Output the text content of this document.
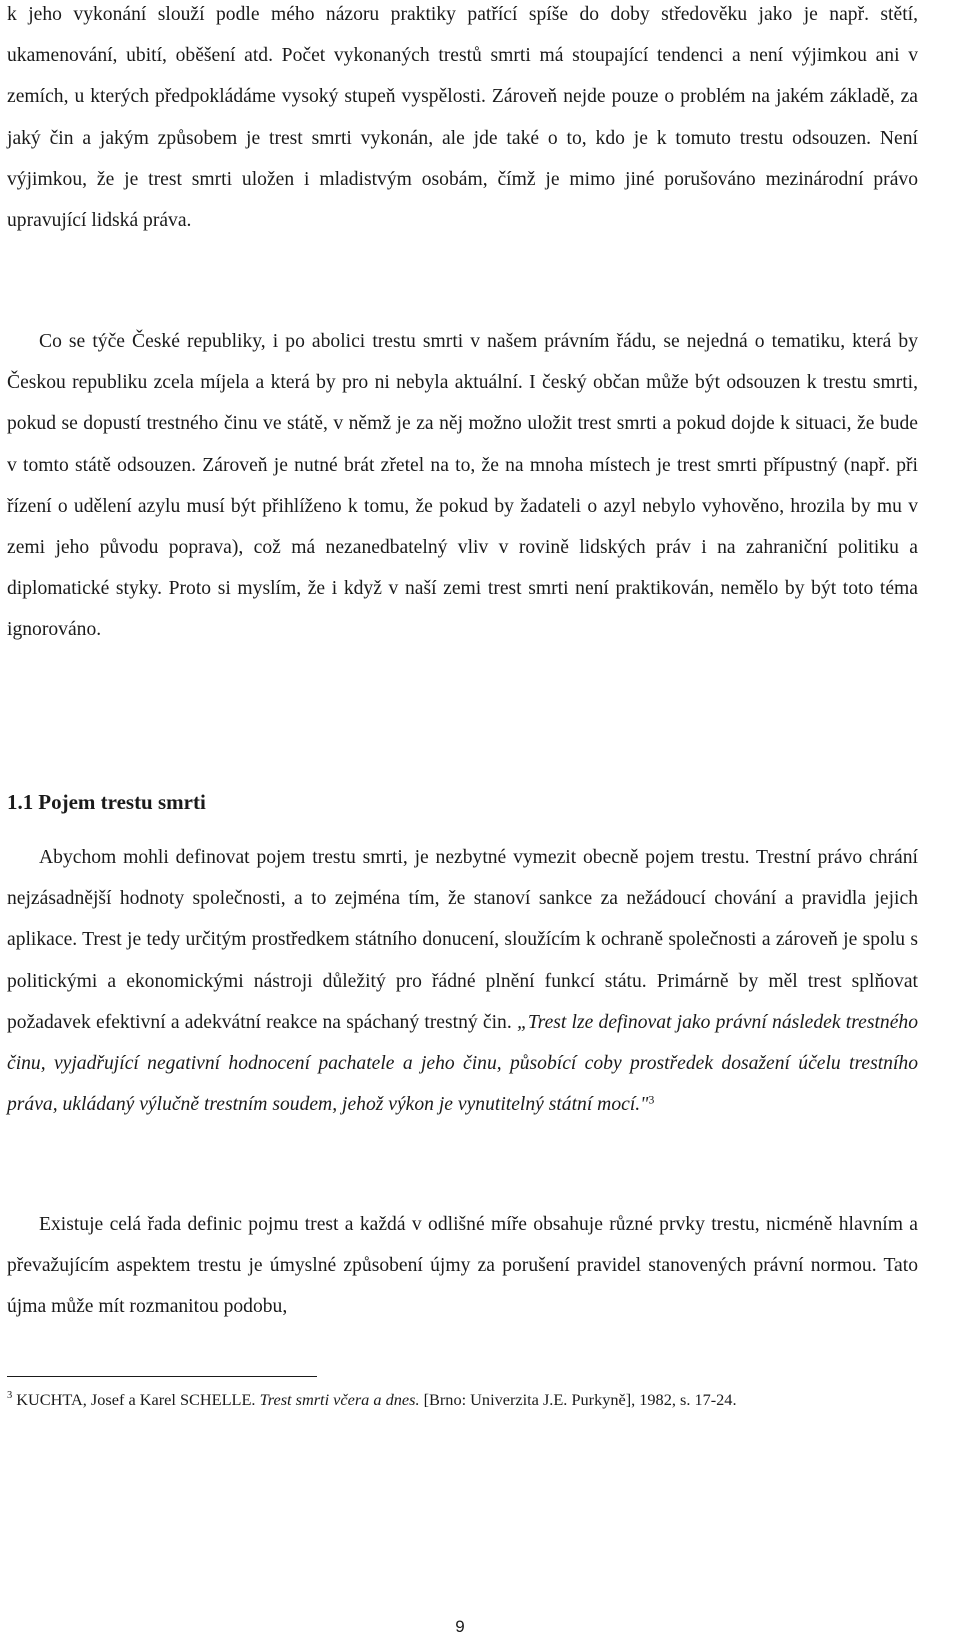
k jeho vykonání slouží podle mého názoru praktiky patřící spíše do doby středověku jako je např. stětí, ukamenování, ubití, oběšení atd. Počet vykonaných trestů smrti má stoupající tendenci a není výjimkou ani v zemích, u kterých předpokládáme vysoký stupeň vyspělosti. Zároveň nejde pouze o problém na jakém základě, za jaký čin a jakým způsobem je trest smrti vykonán, ale jde také o to, kdo je k tomuto trestu odsouzen. Není výjimkou, že je trest smrti uložen i mladistvým osobám, čímž je mimo jiné porušováno mezinárodní právo upravující lidská práva.

Co se týče České republiky, i po abolici trestu smrti v našem právním řádu, se nejedná o tematiku, která by Českou republiku zcela míjela a která by pro ni nebyla aktuální. I český občan může být odsouzen k trestu smrti, pokud se dopustí trestného činu ve státě, v němž je za něj možno uložit trest smrti a pokud dojde k situaci, že bude v tomto státě odsouzen. Zároveň je nutné brát zřetel na to, že na mnoha místech je trest smrti přípustný (např. při řízení o udělení azylu musí být přihlíženo k tomu, že pokud by žadateli o azyl nebylo vyhověno, hrozila by mu v zemi jeho původu poprava), což má nezanedbatelný vliv v rovině lidských práv i na zahraniční politiku a diplomatické styky. Proto si myslím, že i když v naší zemi trest smrti není praktikován, nemělo by být toto téma ignorováno.

1.1 Pojem trestu smrti

Abychom mohli definovat pojem trestu smrti, je nezbytné vymezit obecně pojem trestu. Trestní právo chrání nejzásadnější hodnoty společnosti, a to zejména tím, že stanoví sankce za nežádoucí chování a pravidla jejich aplikace. Trest je tedy určitým prostředkem státního donucení, sloužícím k ochraně společnosti a zároveň je spolu s politickými a ekonomickými nástroji důležitý pro řádné plnění funkcí státu. Primárně by měl trest splňovat požadavek efektivní a adekvátní reakce na spáchaný trestný čin. „Trest lze definovat jako právní následek trestného činu, vyjadřující negativní hodnocení pachatele a jeho činu, působící coby prostředek dosažení účelu trestního práva, ukládaný výlučně trestním soudem, jehož výkon je vynutitelný státní mocí."$^3$

Existuje celá řada definic pojmu trest a každá v odlišné míře obsahuje různé prvky trestu, nicméně hlavním a převažujícím aspektem trestu je úmyslné způsobení újmy za porušení pravidel stanovených právní normou. Tato újma může mít rozmanitou podobu,

$^3$ KUCHTA, Josef a Karel SCHELLE. Trest smrti včera a dnes. [Brno: Univerzita J.E. Purkyně], 1982, s. 17-24.

9
